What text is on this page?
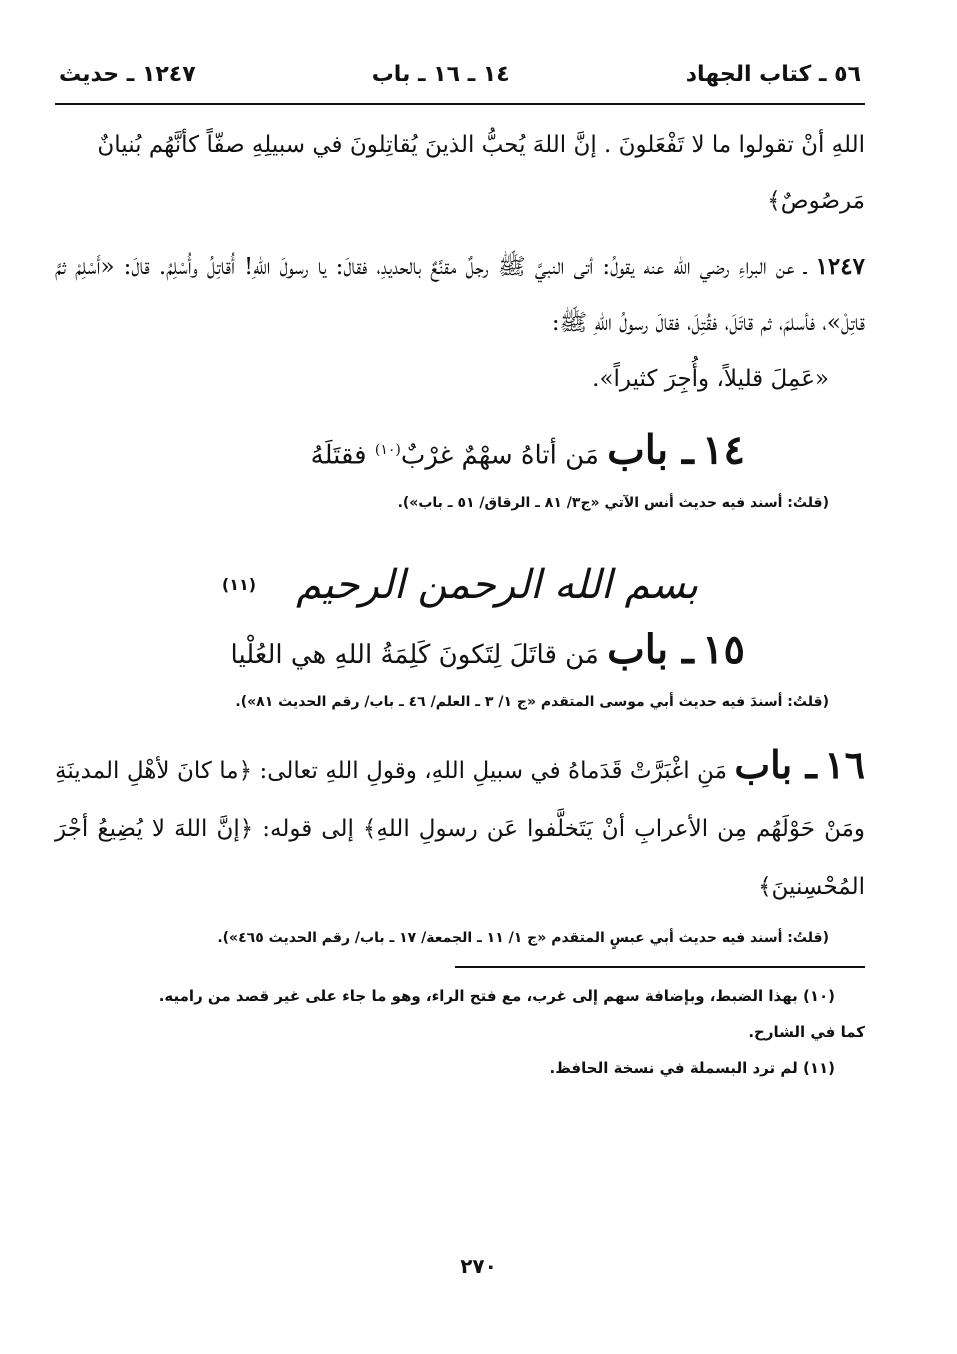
٥٦ ـ كتاب الجهاد
١٤ ـ ١٦ ـ باب
١٢٤٧ ـ حديث

اللهِ أنْ تقولوا ما لا تَفْعَلونَ . إنَّ اللهَ يُحبُّ الذينَ يُقاتِلونَ في سبيلِهِ صفّاً كأنَّهُم بُنيانٌ

مَرصُوصٌ﴾

١٢٤٧ ـ عن البراءِ رضي الله عنه يقولُ: أتى النبيَّ ﷺ رجلٌ مقنَّعٌ بالحديدِ، فقالَ: يا رسولَ اللهِ! أُقاتِلُ وأُسْلِمُ. قالَ: «أَسْلِمْ ثمَّ قاتِلْ»، فأسلمَ، ثم قاتَلَ، فقُتِلَ، فقالَ رسولُ اللهِ ﷺ:

«عَمِلَ قليلاً، وأُجِرَ كثيراً».

١٤ ـ باب مَن أتاهُ سهْمٌ غرْبٌ$^{(١٠)}$ فقتَلَهُ
(قلتُ: أسند فيه حديث أنس الآتي «ج٣/ ٨١ ـ الرقاق/ ٥١ ـ باب»).
بسم الله الرحمن الرحيم
(١١)
١٥ ـ باب مَن قاتَلَ لِتَكونَ كَلِمَةُ اللهِ هي العُلْيا
(قلتُ: أسندَ فيه حديث أبي موسى المتقدم «ج ١/ ٣ ـ العلم/ ٤٦ ـ باب/ رقم الحديث ٨١»).

١٦ ـ باب مَنِ اغْبَرَّتْ قَدَماهُ في سبيلِ اللهِ، وقولِ اللهِ تعالى: ﴿ما كانَ لأهْلِ المدينَةِ ومَنْ حَوْلَهُم مِن الأعرابِ أنْ يَتَخلَّفوا عَن رسولِ اللهِ﴾ إلى قوله: ﴿إنَّ اللهَ لا يُضِيعُ أجْرَ المُحْسِنينَ﴾

(قلتُ: أسند فيه حديث أبي عبسٍ المتقدم «ج ١/ ١١ ـ الجمعة/ ١٧ ـ باب/ رقم الحديث ٤٦٥»).

(١٠) بهذا الضبط، وبإضافة سهم إلى غرب، مع فتح الراء، وهو ما جاء على غير قصد من راميه.

كما في الشارح.

(١١) لم ترد البسملة في نسخة الحافظ.

٢٧٠
